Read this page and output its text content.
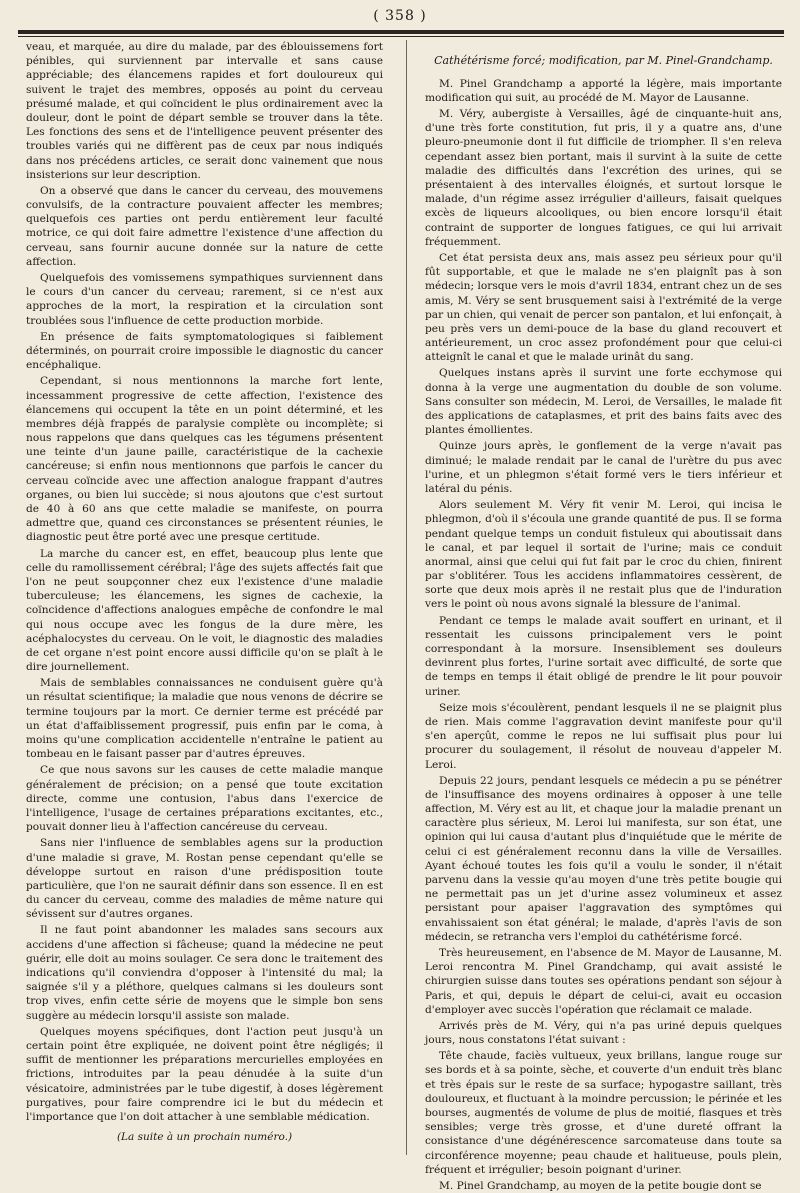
( 358 )

veau, et marquée, au dire du malade, par des éblouissemens fort pénibles, qui surviennent par intervalle et sans cause appréciable; des élancemens rapides et fort douloureux qui suivent le trajet des membres, opposés au point du cerveau présumé malade, et qui coïncident le plus ordinairement avec la douleur, dont le point de départ semble se trouver dans la tête. Les fonctions des sens et de l'intelligence peuvent présenter des troubles variés qui ne diffèrent pas de ceux par nous indiqués dans nos précédens articles, ce serait donc vainement que nous insisterions sur leur description.

On a observé que dans le cancer du cerveau, des mouvemens convulsifs, de la contracture pouvaient affecter les membres; quelquefois ces parties ont perdu entièrement leur faculté motrice, ce qui doit faire admettre l'existence d'une affection du cerveau, sans fournir aucune donnée sur la nature de cette affection.

Quelquefois des vomissemens sympathiques surviennent dans le cours d'un cancer du cerveau; rarement, si ce n'est aux approches de la mort, la respiration et la circulation sont troublées sous l'influence de cette production morbide.

En présence de faits symptomatologiques si faiblement déterminés, on pourrait croire impossible le diagnostic du cancer encéphalique.

Cependant, si nous mentionnons la marche fort lente, incessamment progressive de cette affection, l'existence des élancemens qui occupent la tête en un point déterminé, et les membres déjà frappés de paralysie complète ou incomplète; si nous rappelons que dans quelques cas les tégumens présentent une teinte d'un jaune paille, caractéristique de la cachexie cancéreuse; si enfin nous mentionnons que parfois le cancer du cerveau coïncide avec une affection analogue frappant d'autres organes, ou bien lui succède; si nous ajoutons que c'est surtout de 40 à 60 ans que cette maladie se manifeste, on pourra admettre que, quand ces circonstances se présentent réunies, le diagnostic peut être porté avec une presque certitude.

La marche du cancer est, en effet, beaucoup plus lente que celle du ramollissement cérébral; l'âge des sujets affectés fait que l'on ne peut soupçonner chez eux l'existence d'une maladie tuberculeuse; les élancemens, les signes de cachexie, la coïncidence d'affections analogues empêche de confondre le mal qui nous occupe avec les fongus de la dure mère, les acéphalocystes du cerveau. On le voit, le diagnostic des maladies de cet organe n'est point encore aussi difficile qu'on se plaît à le dire journellement.

Mais de semblables connaissances ne conduisent guère qu'à un résultat scientifique; la maladie que nous venons de décrire se termine toujours par la mort. Ce dernier terme est précédé par un état d'affaiblissement progressif, puis enfin par le coma, à moins qu'une complication accidentelle n'entraîne le patient au tombeau en le faisant passer par d'autres épreuves.

Ce que nous savons sur les causes de cette maladie manque généralement de précision; on a pensé que toute excitation directe, comme une contusion, l'abus dans l'exercice de l'intelligence, l'usage de certaines préparations excitantes, etc., pouvait donner lieu à l'affection cancéreuse du cerveau.

Sans nier l'influence de semblables agens sur la production d'une maladie si grave, M. Rostan pense cependant qu'elle se développe surtout en raison d'une prédisposition toute particulière, que l'on ne saurait définir dans son essence. Il en est du cancer du cerveau, comme des maladies de même nature qui sévissent sur d'autres organes.

Il ne faut point abandonner les malades sans secours aux accidens d'une affection si fâcheuse; quand la médecine ne peut guérir, elle doit au moins soulager. Ce sera donc le traitement des indications qu'il conviendra d'opposer à l'intensité du mal; la saignée s'il y a pléthore, quelques calmans si les douleurs sont trop vives, enfin cette série de moyens que le simple bon sens suggère au médecin lorsqu'il assiste son malade.

Quelques moyens spécifiques, dont l'action peut jusqu'à un certain point être expliquée, ne doivent point être négligés; il suffit de mentionner les préparations mercurielles employées en frictions, introduites par la peau dénudée à la suite d'un vésicatoire, administrées par le tube digestif, à doses légèrement purgatives, pour faire comprendre ici le but du médecin et l'importance que l'on doit attacher à une semblable médication.

(La suite à un prochain numéro.)
Cathétérisme forcé; modification, par M. Pinel-Grandchamp.

M. Pinel Grandchamp a apporté la légère, mais importante modification qui suit, au procédé de M. Mayor de Lausanne.

M. Véry, aubergiste à Versailles, âgé de cinquante-huit ans, d'une très forte constitution, fut pris, il y a quatre ans, d'une pleuro-pneumonie dont il fut difficile de triompher. Il s'en releva cependant assez bien portant, mais il survint à la suite de cette maladie des difficultés dans l'excrétion des urines, qui se présentaient à des intervalles éloignés, et surtout lorsque le malade, d'un régime assez irrégulier d'ailleurs, faisait quelques excès de liqueurs alcooliques, ou bien encore lorsqu'il était contraint de supporter de longues fatigues, ce qui lui arrivait fréquemment.

Cet état persista deux ans, mais assez peu sérieux pour qu'il fût supportable, et que le malade ne s'en plaignît pas à son médecin; lorsque vers le mois d'avril 1834, entrant chez un de ses amis, M. Véry se sent brusquement saisi à l'extrémité de la verge par un chien, qui venait de percer son pantalon, et lui enfonçait, à peu près vers un demi-pouce de la base du gland recouvert et antérieurement, un croc assez profondément pour que celui-ci atteignît le canal et que le malade urinât du sang.

Quelques instans après il survint une forte ecchymose qui donna à la verge une augmentation du double de son volume. Sans consulter son médecin, M. Leroi, de Versailles, le malade fit des applications de cataplasmes, et prit des bains faits avec des plantes émollientes.

Quinze jours après, le gonflement de la verge n'avait pas diminué; le malade rendait par le canal de l'urètre du pus avec l'urine, et un phlegmon s'était formé vers le tiers inférieur et latéral du pénis.

Alors seulement M. Véry fit venir M. Leroi, qui incisa le phlegmon, d'où il s'écoula une grande quantité de pus. Il se forma pendant quelque temps un conduit fistuleux qui aboutissait dans le canal, et par lequel il sortait de l'urine; mais ce conduit anormal, ainsi que celui qui fut fait par le croc du chien, finirent par s'oblitérer. Tous les accidens inflammatoires cessèrent, de sorte que deux mois après il ne restait plus que de l'induration vers le point où nous avons signalé la blessure de l'animal.

Pendant ce temps le malade avait souffert en urinant, et il ressentait les cuissons principalement vers le point correspondant à la morsure. Insensiblement ses douleurs devinrent plus fortes, l'urine sortait avec difficulté, de sorte que de temps en temps il était obligé de prendre le lit pour pouvoir uriner.

Seize mois s'écoulèrent, pendant lesquels il ne se plaignit plus de rien. Mais comme l'aggravation devint manifeste pour qu'il s'en aperçût, comme le repos ne lui suffisait plus pour lui procurer du soulagement, il résolut de nouveau d'appeler M. Leroi.

Depuis 22 jours, pendant lesquels ce médecin a pu se pénétrer de l'insuffisance des moyens ordinaires à opposer à une telle affection, M. Véry est au lit, et chaque jour la maladie prenant un caractère plus sérieux, M. Leroi lui manifesta, sur son état, une opinion qui lui causa d'autant plus d'inquiétude que le mérite de celui ci est généralement reconnu dans la ville de Versailles. Ayant échoué toutes les fois qu'il a voulu le sonder, il n'était parvenu dans la vessie qu'au moyen d'une très petite bougie qui ne permettait pas un jet d'urine assez volumineux et assez persistant pour apaiser l'aggravation des symptômes qui envahissaient son état général; le malade, d'après l'avis de son médecin, se retrancha vers l'emploi du cathétérisme forcé.

Très heureusement, en l'absence de M. Mayor de Lausanne, M. Leroi rencontra M. Pinel Grandchamp, qui avait assisté le chirurgien suisse dans toutes ses opérations pendant son séjour à Paris, et qui, depuis le départ de celui-ci, avait eu occasion d'employer avec succès l'opération que réclamait ce malade.

Arrivés près de M. Véry, qui n'a pas uriné depuis quelques jours, nous constatons l'état suivant :

Tête chaude, faciès vultueux, yeux brillans, langue rouge sur ses bords et à sa pointe, sèche, et couverte d'un enduit très blanc et très épais sur le reste de sa surface; hypogastre saillant, très douloureux, et fluctuant à la moindre percussion; le périnée et les bourses, augmentés de volume de plus de moitié, flasques et très sensibles; verge très grosse, et d'une dureté offrant la consistance d'une dégénérescence sarcomateuse dans toute sa circonférence moyenne; peau chaude et halitueuse, pouls plein, fréquent et irrégulier; besoin poignant d'uriner.

M. Pinel Grandchamp, au moyen de la petite bougie dont se
